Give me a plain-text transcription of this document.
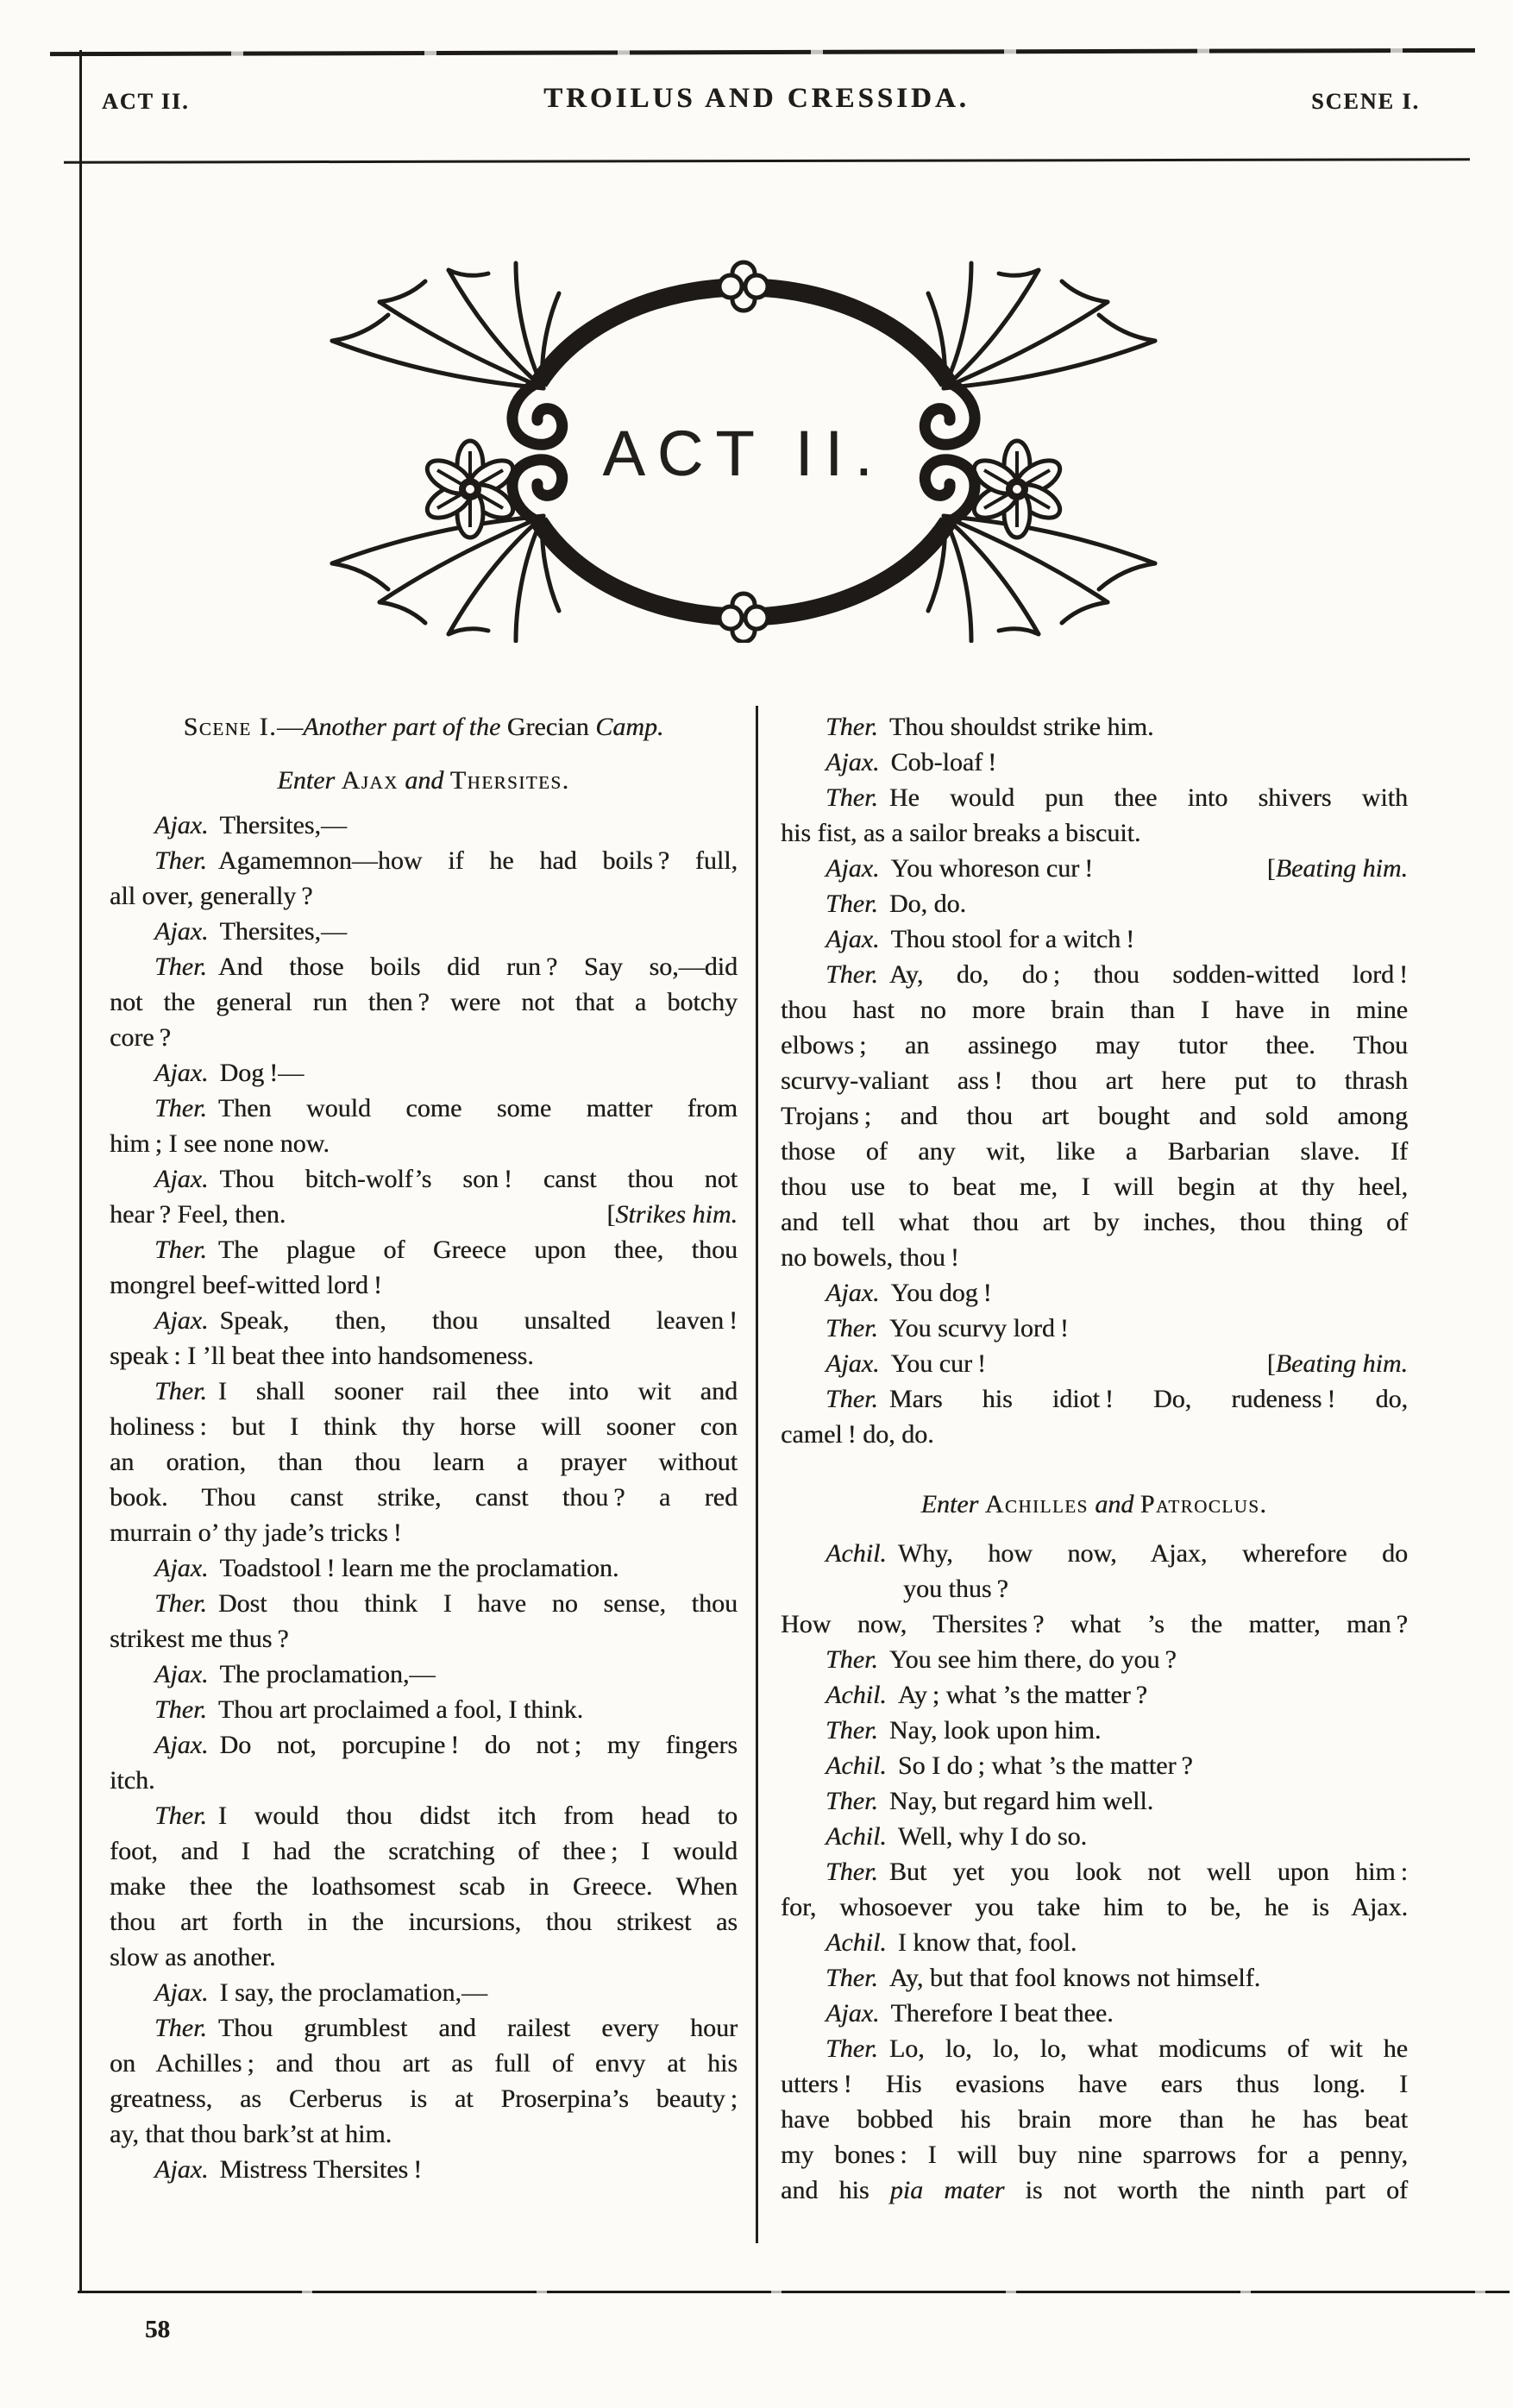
ACT II.	TROILUS AND CRESSIDA.	SCENE I.
ACT II.
Scene I.—Another part of the Grecian Camp.
Enter Ajax and Thersites.
Ajax. Thersites,—
Ther. Agamemnon—how if he had boils ? full,
all over, generally ?
Ajax. Thersites,—
Ther. And those boils did run ? Say so,—did
not the general run then ? were not that a botchy
core ?
Ajax. Dog !—
Ther. Then would come some matter from
him ; I see none now.
Ajax. Thou bitch-wolf’s son ! canst thou not
[Strikes him.
hear ? Feel, then.
Ther. The plague of Greece upon thee, thou
mongrel beef-witted lord !
Ajax. Speak, then, thou unsalted leaven !
speak : I ’ll beat thee into handsomeness.
Ther. I shall sooner rail thee into wit and
holiness : but I think thy horse will sooner con
an oration, than thou learn a prayer without
book. Thou canst strike, canst thou ? a red
murrain o’ thy jade’s tricks !
Ajax. Toadstool ! learn me the proclamation.
Ther. Dost thou think I have no sense, thou
strikest me thus ?
Ajax. The proclamation,—
Ther. Thou art proclaimed a fool, I think.
Ajax. Do not, porcupine ! do not ; my fingers
itch.
Ther. I would thou didst itch from head to
foot, and I had the scratching of thee ; I would
make thee the loathsomest scab in Greece. When
thou art forth in the incursions, thou strikest as
slow as another.
Ajax. I say, the proclamation,—
Ther. Thou grumblest and railest every hour
on Achilles ; and thou art as full of envy at his
greatness, as Cerberus is at Proserpina’s beauty ;
ay, that thou bark’st at him.
Ajax. Mistress Thersites !
Ther. Thou shouldst strike him.
Ajax. Cob-loaf !
Ther. He would pun thee into shivers with
his fist, as a sailor breaks a biscuit.
[Beating him.
Ajax. You whoreson cur !
Ther. Do, do.
Ajax. Thou stool for a witch !
Ther. Ay, do, do ; thou sodden-witted lord !
thou hast no more brain than I have in mine
elbows ; an assinego may tutor thee. Thou
scurvy-valiant ass ! thou art here put to thrash
Trojans ; and thou art bought and sold among
those of any wit, like a Barbarian slave. If
thou use to beat me, I will begin at thy heel,
and tell what thou art by inches, thou thing of
no bowels, thou !
Ajax. You dog !
Ther. You scurvy lord !
[Beating him.
Ajax. You cur !
Ther. Mars his idiot ! Do, rudeness ! do,
camel ! do, do.
Enter Achilles and Patroclus.
Achil. Why, how now, Ajax, wherefore do
you thus ?
How now, Thersites ? what ’s the matter, man ?
Ther. You see him there, do you ?
Achil. Ay ; what ’s the matter ?
Ther. Nay, look upon him.
Achil. So I do ; what ’s the matter ?
Ther. Nay, but regard him well.
Achil. Well, why I do so.
Ther. But yet you look not well upon him :
for, whosoever you take him to be, he is Ajax.
Achil. I know that, fool.
Ther. Ay, but that fool knows not himself.
Ajax. Therefore I beat thee.
Ther. Lo, lo, lo, lo, what modicums of wit he
utters ! His evasions have ears thus long. I
have bobbed his brain more than he has beat
my bones : I will buy nine sparrows for a penny,
and his pia mater is not worth the ninth part of
58
